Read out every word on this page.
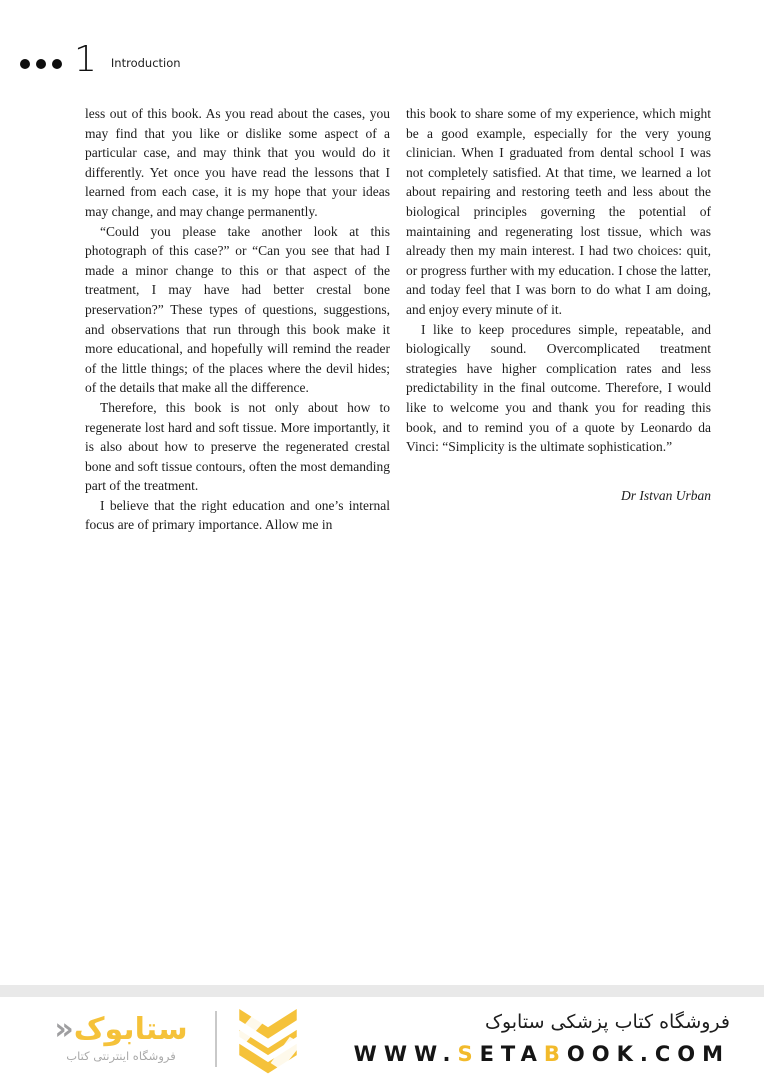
1 Introduction

less out of this book. As you read about the cases, you may find that you like or dislike some aspect of a particular case, and may think that you would do it differently. Yet once you have read the lessons that I learned from each case, it is my hope that your ideas may change, and may change permanently.

“Could you please take another look at this photograph of this case?” or “Can you see that had I made a minor change to this or that aspect of the treatment, I may have had better crestal bone preservation?” These types of questions, suggestions, and observations that run through this book make it more educational, and hopefully will remind the reader of the little things; of the places where the devil hides; of the details that make all the difference.

Therefore, this book is not only about how to regenerate lost hard and soft tissue. More importantly, it is also about how to preserve the regenerated crestal bone and soft tissue contours, often the most demanding part of the treatment.

I believe that the right education and one’s internal focus are of primary importance. Allow me in

this book to share some of my experience, which might be a good example, especially for the very young clinician. When I graduated from dental school I was not completely satisfied. At that time, we learned a lot about repairing and restoring teeth and less about the biological principles governing the potential of maintaining and regenerating lost tissue, which was already then my main interest. I had two choices: quit, or progress further with my education. I chose the latter, and today feel that I was born to do what I am doing, and enjoy every minute of it.

I like to keep procedures simple, repeatable, and biologically sound. Overcomplicated treatment strategies have higher complication rates and less predictability in the final outcome. Therefore, I would like to welcome you and thank you for reading this book, and to remind you of a quote by Leonardo da Vinci: “Simplicity is the ultimate sophistication.”

Dr Istvan Urban

ستابوک«
فروشگاه اینترنتی کتاب
فروشگاه کتاب پزشکی ستابوک
WWW.SETABOOK.COM
